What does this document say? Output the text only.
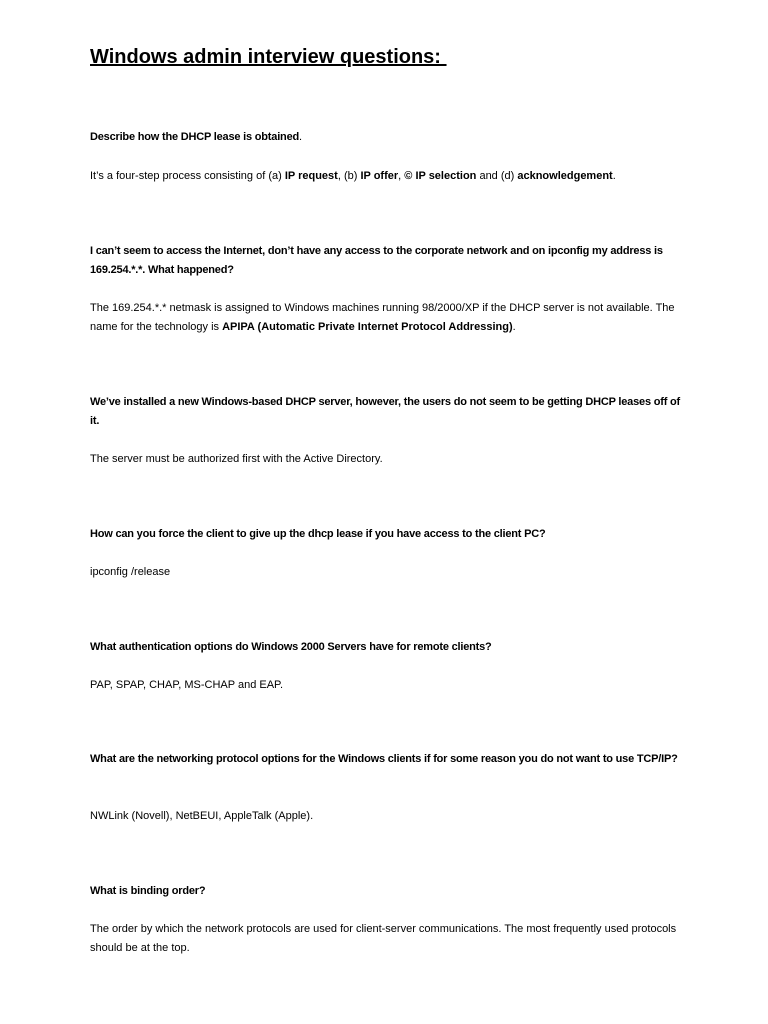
Windows admin interview questions:

Describe how the DHCP lease is obtained.

It’s a four-step process consisting of (a) IP request, (b) IP offer, © IP selection and (d) acknowledgement.

I can’t seem to access the Internet, don’t have any access to the corporate network and on ipconfig my address is 169.254.*.*. What happened?

The 169.254.*.* netmask is assigned to Windows machines running 98/2000/XP if the DHCP server is not available. The name for the technology is APIPA (Automatic Private Internet Protocol Addressing).

We’ve installed a new Windows-based DHCP server, however, the users do not seem to be getting DHCP leases off of it.

The server must be authorized first with the Active Directory.

How can you force the client to give up the dhcp lease if you have access to the client PC?

ipconfig /release

What authentication options do Windows 2000 Servers have for remote clients?

PAP, SPAP, CHAP, MS-CHAP and EAP.

What are the networking protocol options for the Windows clients if for some reason you do not want to use TCP/IP?

NWLink (Novell), NetBEUI, AppleTalk (Apple).

What is binding order?

The order by which the network protocols are used for client-server communications. The most frequently used protocols should be at the top.
